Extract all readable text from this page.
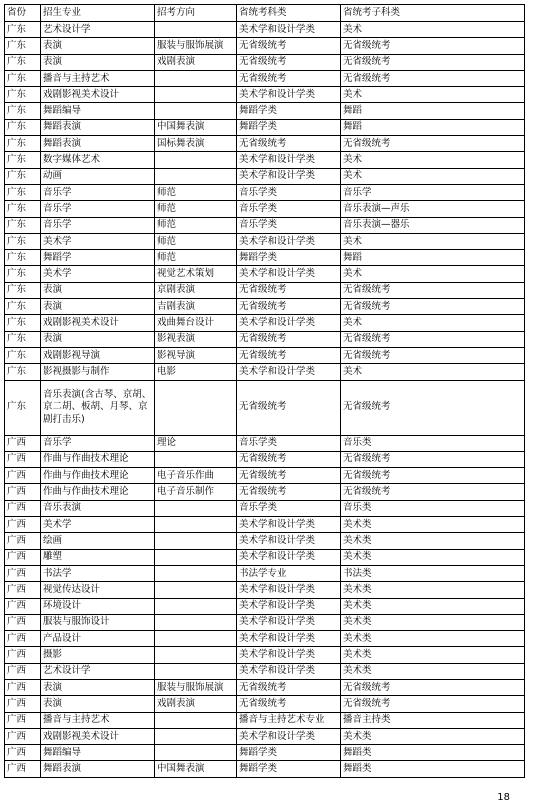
省份	招生专业	招考方向	省统考科类	省统考子科类
广东	艺术设计学		美术学和设计学类	美术
广东	表演	服装与服饰展演	无省级统考	无省级统考
广东	表演	戏剧表演	无省级统考	无省级统考
广东	播音与主持艺术		无省级统考	无省级统考
广东	戏剧影视美术设计		美术学和设计学类	美术
广东	舞蹈编导		舞蹈学类	舞蹈
广东	舞蹈表演	中国舞表演	舞蹈学类	舞蹈
广东	舞蹈表演	国标舞表演	无省级统考	无省级统考
广东	数字媒体艺术		美术学和设计学类	美术
广东	动画		美术学和设计学类	美术
广东	音乐学	师范	音乐学类	音乐学
广东	音乐学	师范	音乐学类	音乐表演—声乐
广东	音乐学	师范	音乐学类	音乐表演—器乐
广东	美术学	师范	美术学和设计学类	美术
广东	舞蹈学	师范	舞蹈学类	舞蹈
广东	美术学	视觉艺术策划	美术学和设计学类	美术
广东	表演	京剧表演	无省级统考	无省级统考
广东	表演	吉剧表演	无省级统考	无省级统考
广东	戏剧影视美术设计	戏曲舞台设计	美术学和设计学类	美术
广东	表演	影视表演	无省级统考	无省级统考
广东	戏剧影视导演	影视导演	无省级统考	无省级统考
广东	影视摄影与制作	电影	美术学和设计学类	美术
广东	音乐表演(含古琴、京胡、京二胡、板胡、月琴、京剧打击乐)		无省级统考	无省级统考
广西	音乐学	理论	音乐学类	音乐类
广西	作曲与作曲技术理论		无省级统考	无省级统考
广西	作曲与作曲技术理论	电子音乐作曲	无省级统考	无省级统考
广西	作曲与作曲技术理论	电子音乐制作	无省级统考	无省级统考
广西	音乐表演		音乐学类	音乐类
广西	美术学		美术学和设计学类	美术类
广西	绘画		美术学和设计学类	美术类
广西	雕塑		美术学和设计学类	美术类
广西	书法学		书法学专业	书法类
广西	视觉传达设计		美术学和设计学类	美术类
广西	环境设计		美术学和设计学类	美术类
广西	服装与服饰设计		美术学和设计学类	美术类
广西	产品设计		美术学和设计学类	美术类
广西	摄影		美术学和设计学类	美术类
广西	艺术设计学		美术学和设计学类	美术类
广西	表演	服装与服饰展演	无省级统考	无省级统考
广西	表演	戏剧表演	无省级统考	无省级统考
广西	播音与主持艺术		播音与主持艺术专业	播音主持类
广西	戏剧影视美术设计		美术学和设计学类	美术类
广西	舞蹈编导		舞蹈学类	舞蹈类
广西	舞蹈表演	中国舞表演	舞蹈学类	舞蹈类
18
